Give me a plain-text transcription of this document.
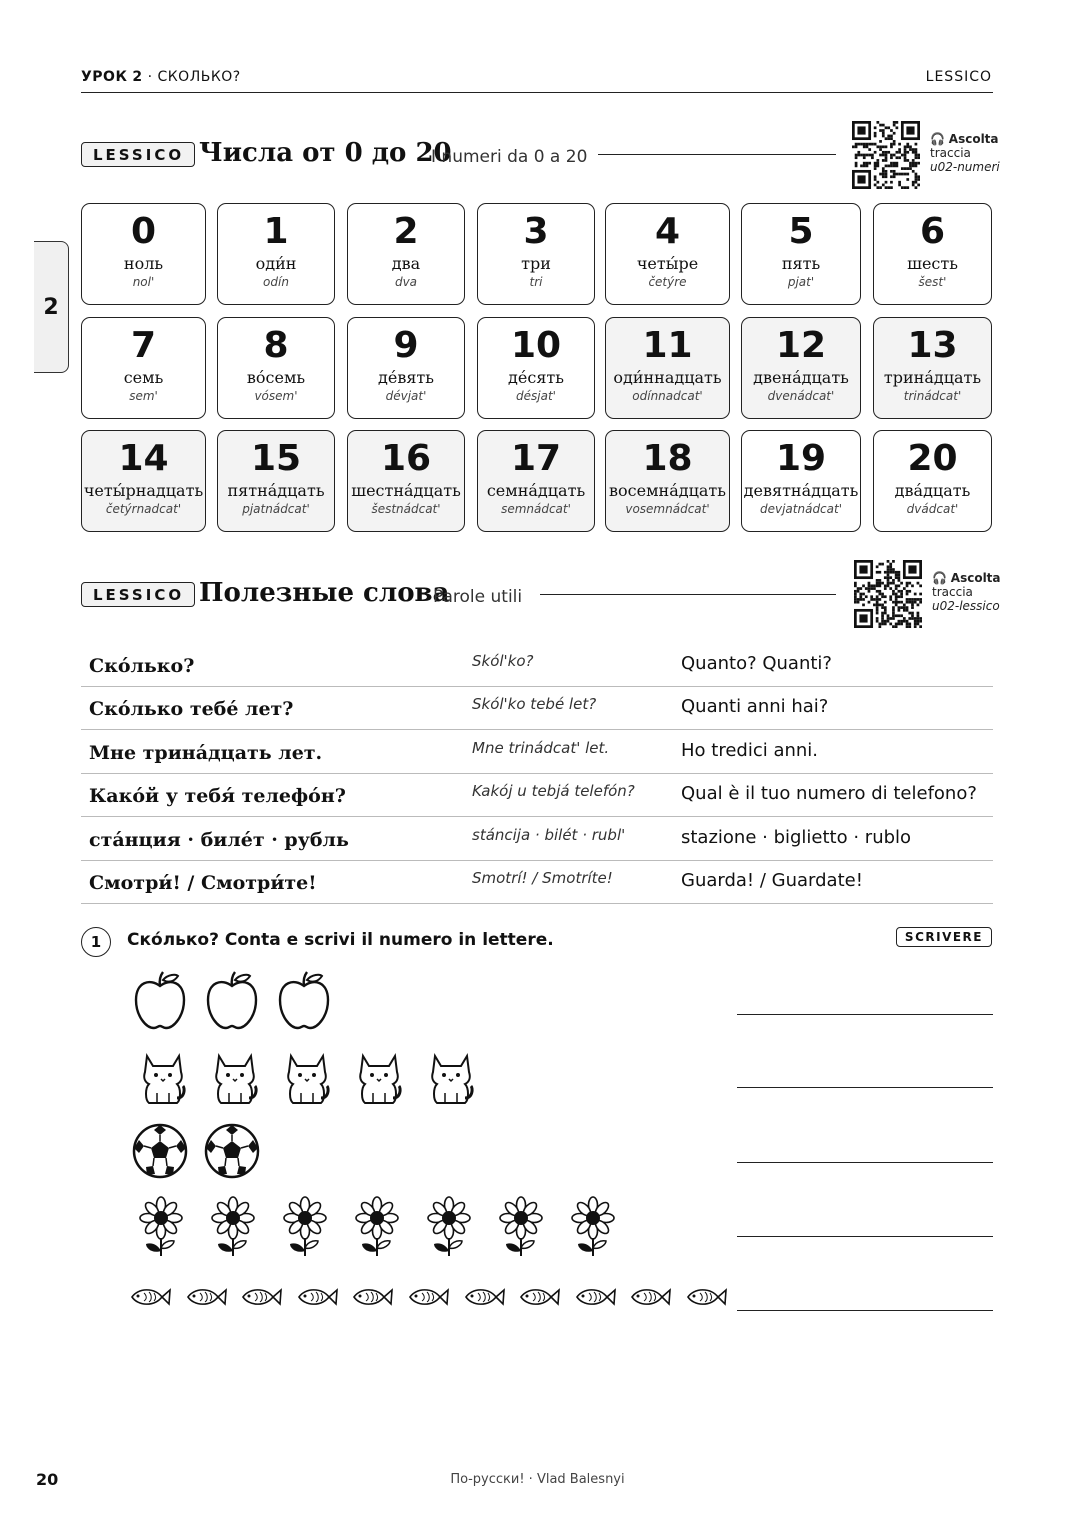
УРОК 2 · СКОЛЬКО?	LESSICO
2
LESSICO Числа от 0 до 20
I numeri da 0 a 20
🎧 Ascolta
traccia
u02-numeri
0
ноль
nol'
1
оди́н
odín
2
два
dva
3
три
tri
4
четы́ре
četýre
5
пять
pjat'
6
шесть
šest'
7
семь
sem'
8
во́семь
vósem'
9
де́вять
dévjat'
10
де́сять
désjat'
11
оди́ннадцать
odínnadcat'
12
двена́дцать
dvenádcat'
13
трина́дцать
trinádcat'
14
четы́рнадцать
četýrnadcat'
15
пятна́дцать
pjatnádcat'
16
шестна́дцать
šestnádcat'
17
семна́дцать
semnádcat'
18
восемна́дцать
vosemnádcat'
19
девятна́дцать
devjatnádcat'
20
два́дцать
dvádcat'
LESSICO Полезные слова
Parole utili
🎧 Ascolta
traccia
u02-lessico
Ско́лько?	Skól'ko?	Quanto? Quanti?
Ско́лько тебе́ лет?	Skól'ko tebé let?	Quanti anni hai?
Мне трина́дцать лет.	Mne trinádcat' let.	Ho tredici anni.
Како́й у тебя́ телефо́н?	Kakój u tebjá telefón?	Qual è il tuo numero di telefono?
ста́нция · биле́т · рубль	stáncija · bilét · rubl'	stazione · biglietto · rublo
Смотри́! / Смотри́те!	Smotrí! / Smotríte!	Guarda! / Guardate!
1	Ско́лько? Conta e scrivi il numero in lettere.	SCRIVERE
20	По-русски! · Vlad Balesnyi
